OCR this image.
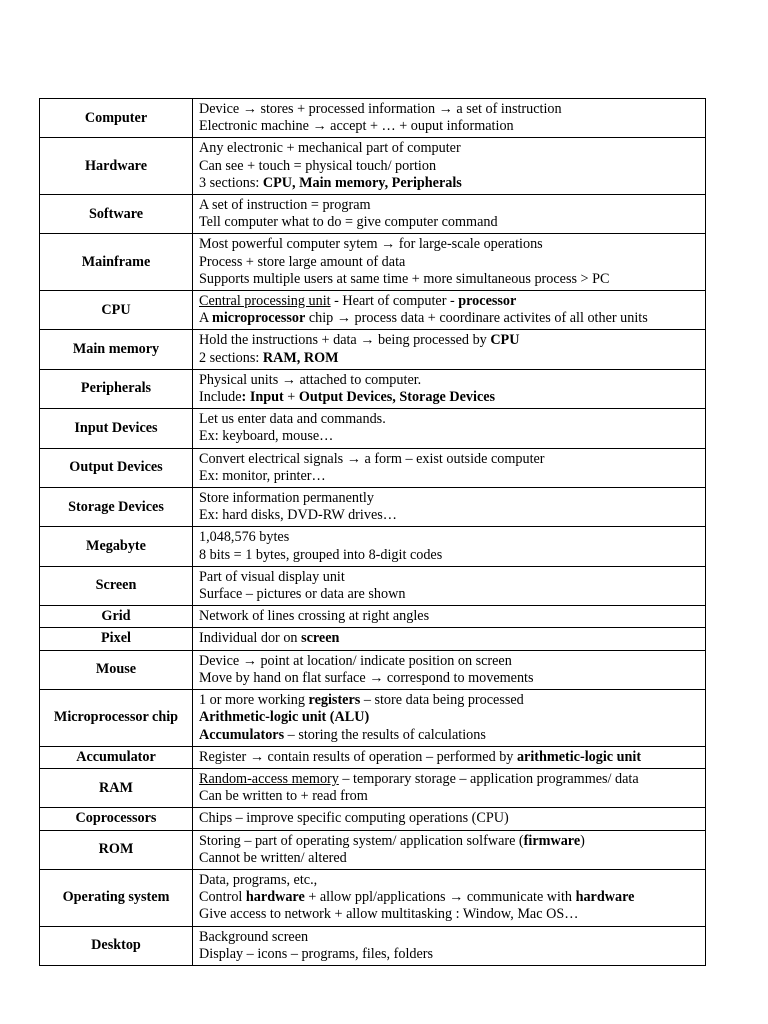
Computer	Device → stores + processed information → a set of instruction
Electronic machine → accept + … + ouput information

Hardware	Any electronic + mechanical part of computer
Can see + touch = physical touch/ portion
3 sections: CPU, Main memory, Peripherals

Software	A set of instruction = program
Tell computer what to do = give computer command

Mainframe	Most powerful computer sytem → for large-scale operations
Process + store large amount of data
Supports multiple users at same time + more simultaneous process > PC

CPU	Central processing unit - Heart of computer - processor
A microprocessor chip → process data + coordinare activites of all other units

Main memory	Hold the instructions + data → being processed by CPU
2 sections: RAM, ROM

Peripherals	Physical units → attached to computer.
Include: Input + Output Devices, Storage Devices

Input Devices	Let us enter data and commands.
Ex: keyboard, mouse…

Output Devices	Convert electrical signals → a form – exist outside computer
Ex: monitor, printer…

Storage Devices	Store information permanently
Ex: hard disks, DVD-RW drives…

Megabyte	1,048,576 bytes
8 bits = 1 bytes, grouped into 8-digit codes

Screen	Part of visual display unit
Surface – pictures or data are shown

Grid	Network of lines crossing at right angles

Pixel	Individual dor on screen

Mouse	Device → point at location/ indicate position on screen
Move by hand on flat surface → correspond to movements

Microprocessor chip	1 or more working registers – store data being processed
Arithmetic-logic unit (ALU)
Accumulators – storing the results of calculations

Accumulator	Register → contain results of operation – performed by arithmetic-logic unit

RAM	Random-access memory – temporary storage – application programmes/ data
Can be written to + read from

Coprocessors	Chips – improve specific computing operations (CPU)

ROM	Storing – part of operating system/ application solfware (firmware)
Cannot be written/ altered

Operating system	Data, programs, etc.,
Control hardware + allow ppl/applications → communicate with hardware
Give access to network + allow multitasking : Window, Mac OS…

Desktop	Background screen
Display – icons – programs, files, folders
